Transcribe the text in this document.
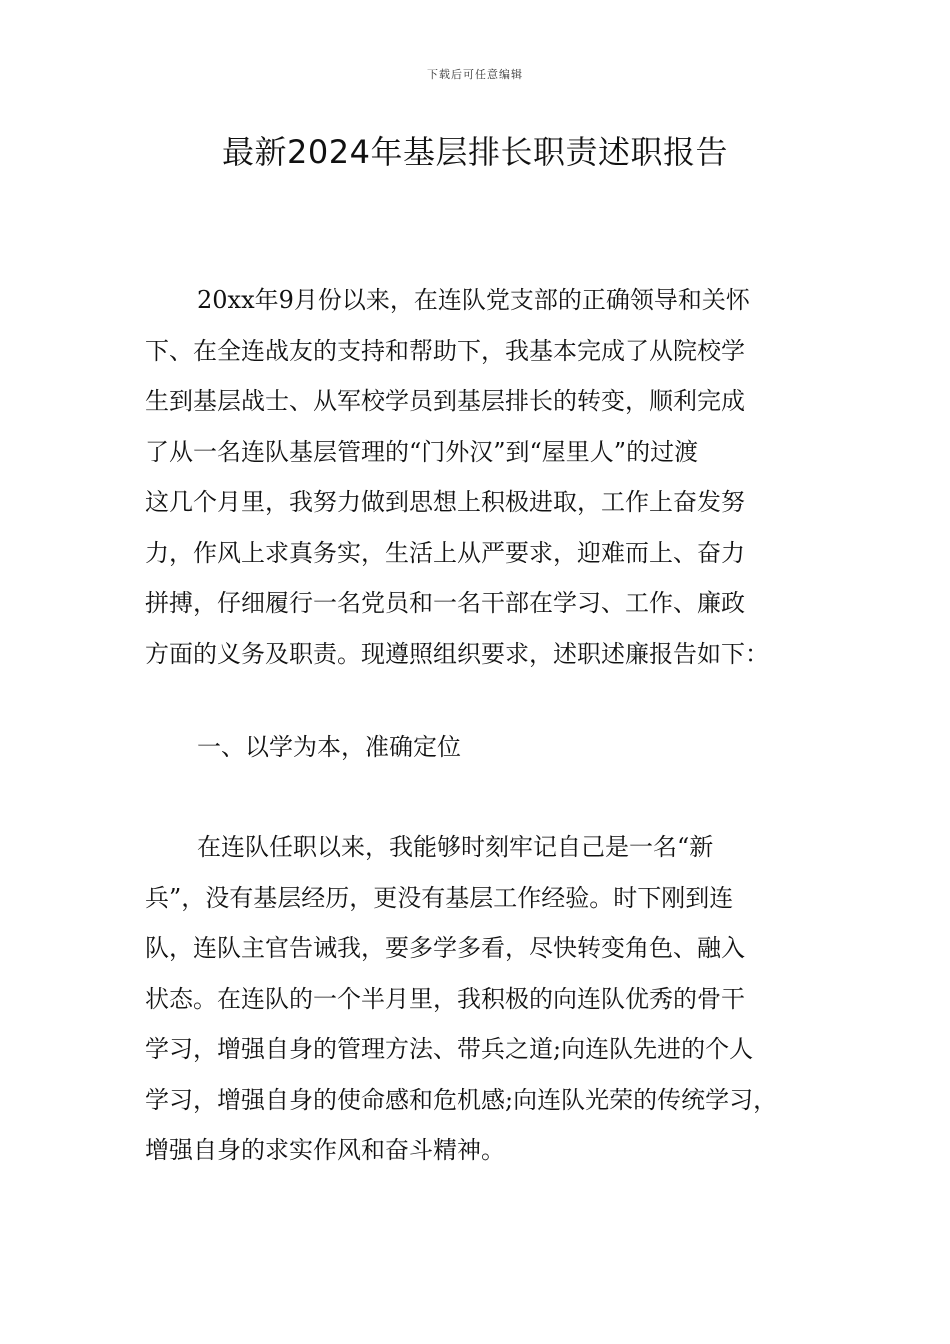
下载后可任意编辑
最新2024年基层排长职责述职报告
20xx年9月份以来，在连队党支部的正确领导和关怀
下、在全连战友的支持和帮助下，我基本完成了从院校学
生到基层战士、从军校学员到基层排长的转变，顺利完成
了从一名连队基层管理的“门外汉”到“屋里人”的过渡
这几个月里，我努力做到思想上积极进取，工作上奋发努
力，作风上求真务实，生活上从严要求，迎难而上、奋力
拼搏，仔细履行一名党员和一名干部在学习、工作、廉政
方面的义务及职责。现遵照组织要求，述职述廉报告如下：
一、以学为本，准确定位
在连队任职以来，我能够时刻牢记自己是一名“新
兵”，没有基层经历，更没有基层工作经验。时下刚到连
队，连队主官告诫我，要多学多看，尽快转变角色、融入
状态。在连队的一个半月里，我积极的向连队优秀的骨干
学习，增强自身的管理方法、带兵之道;向连队先进的个人
学习，增强自身的使命感和危机感;向连队光荣的传统学习，
增强自身的求实作风和奋斗精神。
